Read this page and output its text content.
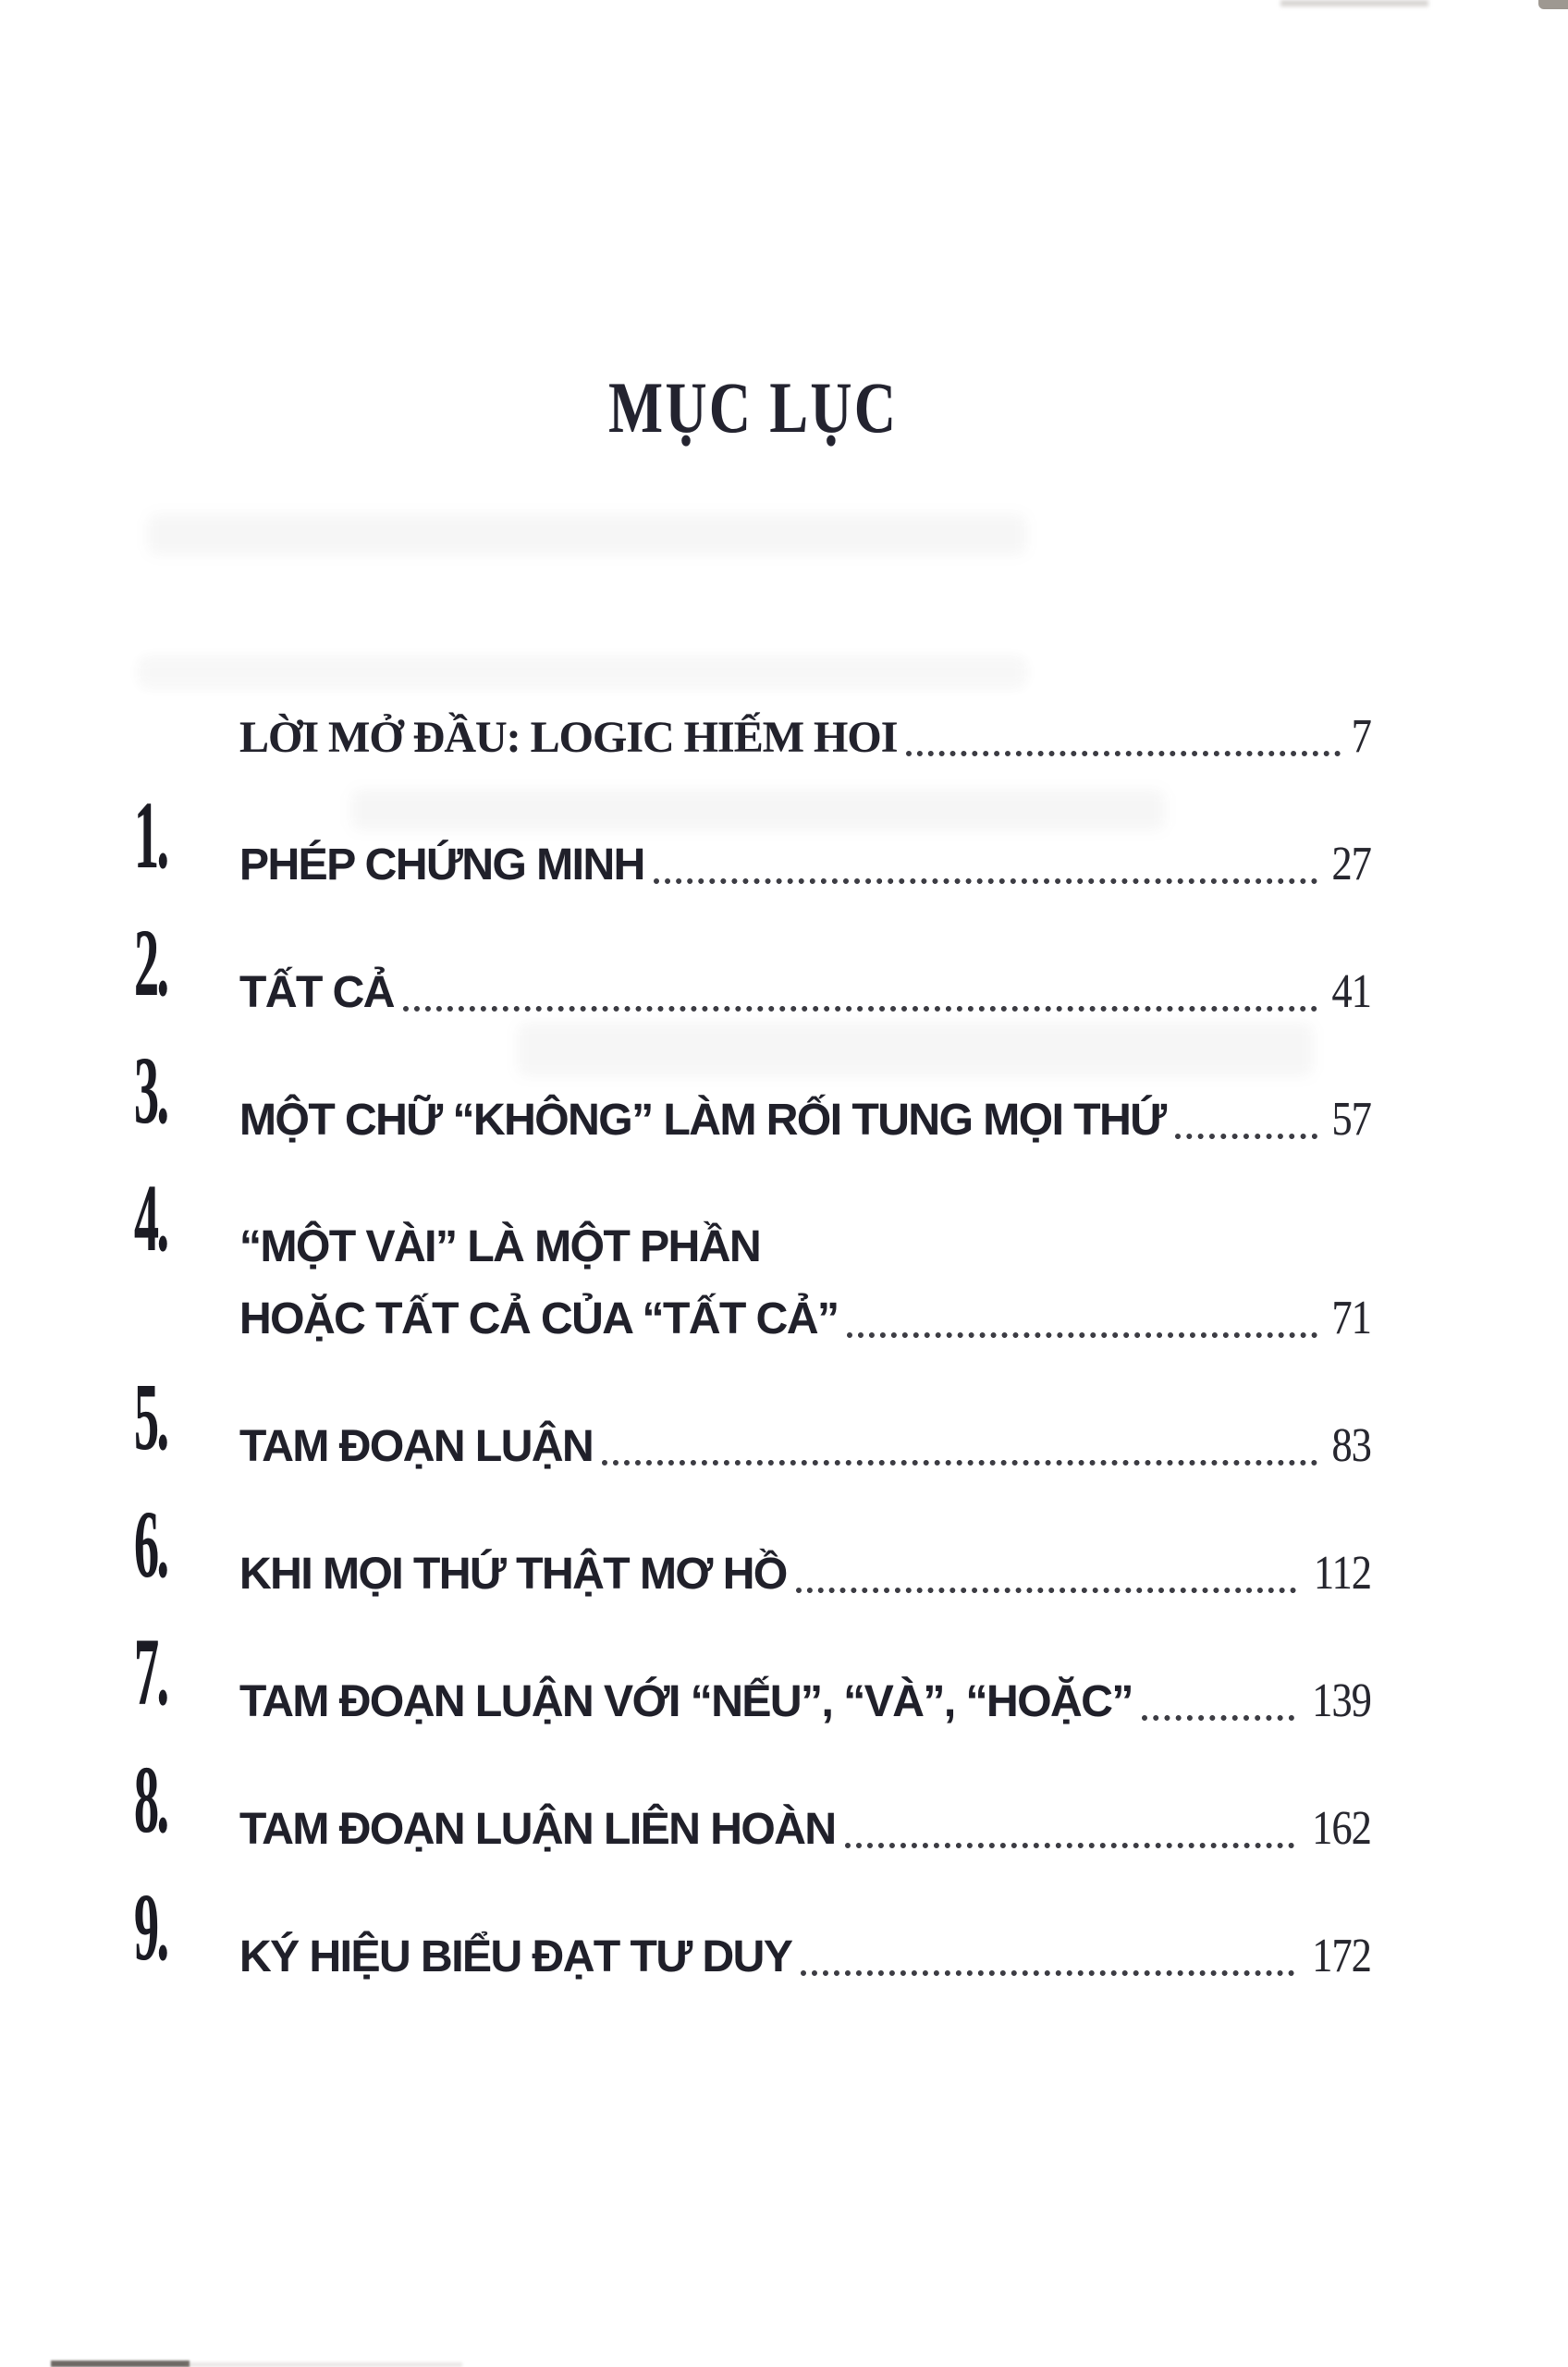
MỤC LỤC
LỜI MỞ ĐẦU: LOGIC HIẾM HOI	7
1.	PHÉP CHỨNG MINH	27
2.	TẤT CẢ	41
3.	MỘT CHỮ “KHÔNG” LÀM RỐI TUNG MỌI THỨ	57
4.	“MỘT VÀI” LÀ MỘT PHẦN
HOẶC TẤT CẢ CỦA “TẤT CẢ”	71
5.	TAM ĐOẠN LUẬN	83
6.	KHI MỌI THỨ THẬT MƠ HỒ	112
7.	TAM ĐOẠN LUẬN VỚI “NẾU”, “VÀ”, “HOẶC”	139
8.	TAM ĐOẠN LUẬN LIÊN HOÀN	162
9.	KÝ HIỆU BIỂU ĐẠT TƯ DUY	172
